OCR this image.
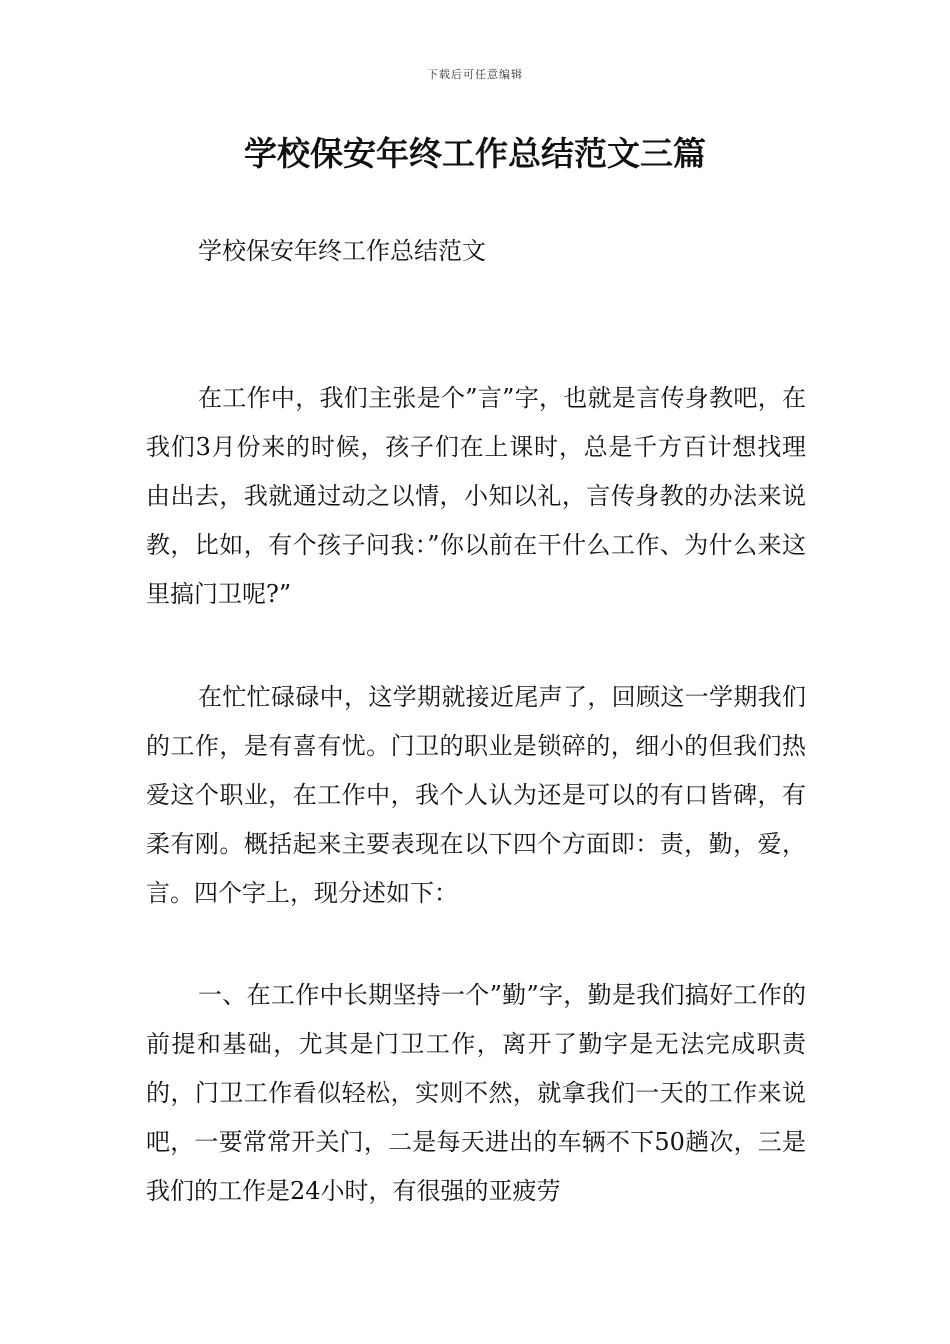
下载后可任意编辑
学校保安年终工作总结范文三篇
学校保安年终工作总结范文

在工作中，我们主张是个”言”字，也就是言传身教吧，在我们3月份来的时候，孩子们在上课时，总是千方百计想找理由出去，我就通过动之以情，小知以礼，言传身教的办法来说教，比如，有个孩子问我：”你以前在干什么工作、为什么来这里搞门卫呢?”

在忙忙碌碌中，这学期就接近尾声了，回顾这一学期我们的工作，是有喜有忧。门卫的职业是锁碎的，细小的但我们热爱这个职业，在工作中，我个人认为还是可以的有口皆碑，有柔有刚。概括起来主要表现在以下四个方面即：责，勤，爱，言。四个字上，现分述如下：

一、在工作中长期坚持一个”勤”字，勤是我们搞好工作的前提和基础，尤其是门卫工作，离开了勤字是无法完成职责的，门卫工作看似轻松，实则不然，就拿我们一天的工作来说吧，一要常常开关门，二是每天进出的车辆不下50趟次，三是我们的工作是24小时，有很强的亚疲劳
